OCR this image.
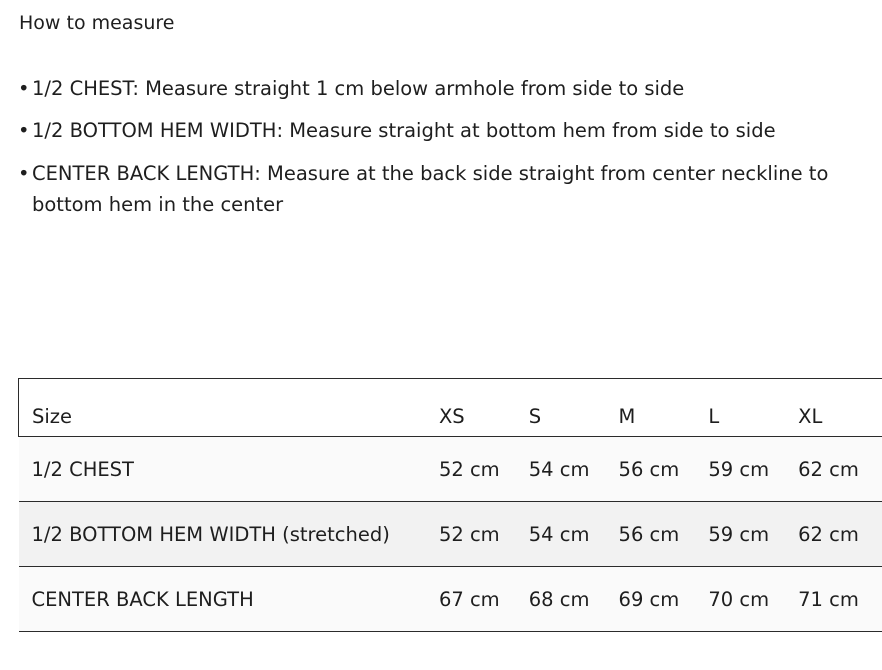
How to measure
• 1/2 CHEST: Measure straight 1 cm below armhole from side to side
• 1/2 BOTTOM HEM WIDTH: Measure straight at bottom hem from side to side
• CENTER BACK LENGTH: Measure at the back side straight from center neckline to bottom hem in the center
Size	XS	S	M	L	XL
1/2 CHEST	52 cm	54 cm	56 cm	59 cm	62 cm
1/2 BOTTOM HEM WIDTH (stretched)	52 cm	54 cm	56 cm	59 cm	62 cm
CENTER BACK LENGTH	67 cm	68 cm	69 cm	70 cm	71 cm
